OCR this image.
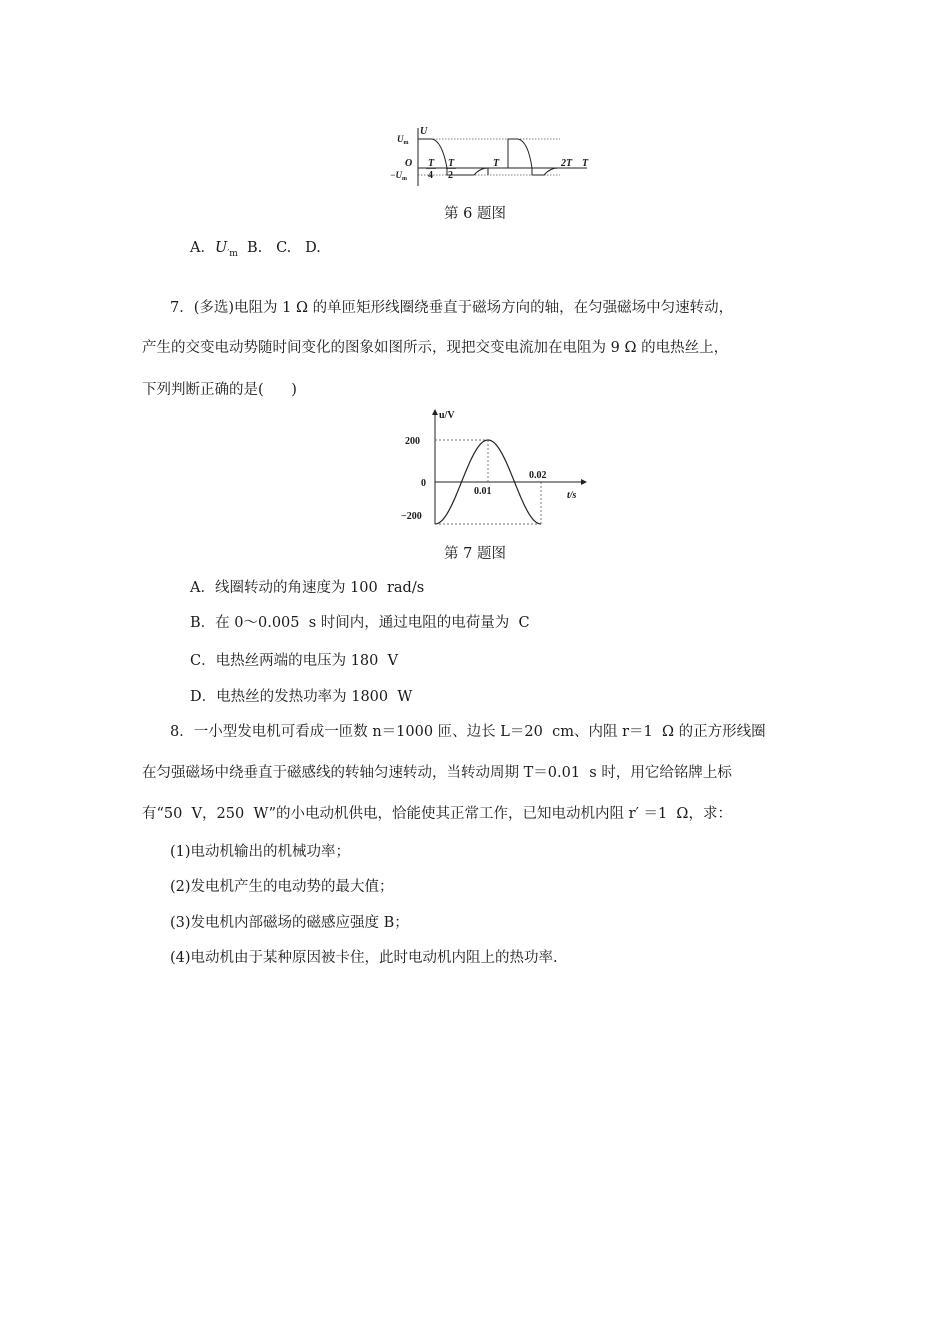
U
$U_m$
$-U_m$
O T
4
T
2
T	2T T
第 6 题图
A．$U_{'m}$  B.   C.   D.
7．(多选)电阻为 1 Ω 的单匝矩形线圈绕垂直于磁场方向的轴，在匀强磁场中匀速转动，
产生的交变电动势随时间变化的图象如图所示，现把交变电流加在电阻为 9 Ω 的电热丝上，
下列判断正确的是(      )
u/V
t/s
200
0
−200
0.01
0.02
第 7 题图
A．线圈转动的角速度为 100  rad/s
B．在 0～0.005  s 时间内，通过电阻的电荷量为  C
C．电热丝两端的电压为 180  V
D．电热丝的发热功率为 1800  W
8．一小型发电机可看成一匝数 n＝1000 匝、边长 L＝20  cm、内阻 r＝1  Ω 的正方形线圈
在匀强磁场中绕垂直于磁感线的转轴匀速转动，当转动周期 T＝0.01  s 时，用它给铭牌上标
有“50  V，250  W”的小电动机供电，恰能使其正常工作，已知电动机内阻 r′ ＝1  Ω，求：
(1)电动机输出的机械功率；
(2)发电机产生的电动势的最大值；
(3)发电机内部磁场的磁感应强度 B；
(4)电动机由于某种原因被卡住，此时电动机内阻上的热功率.
